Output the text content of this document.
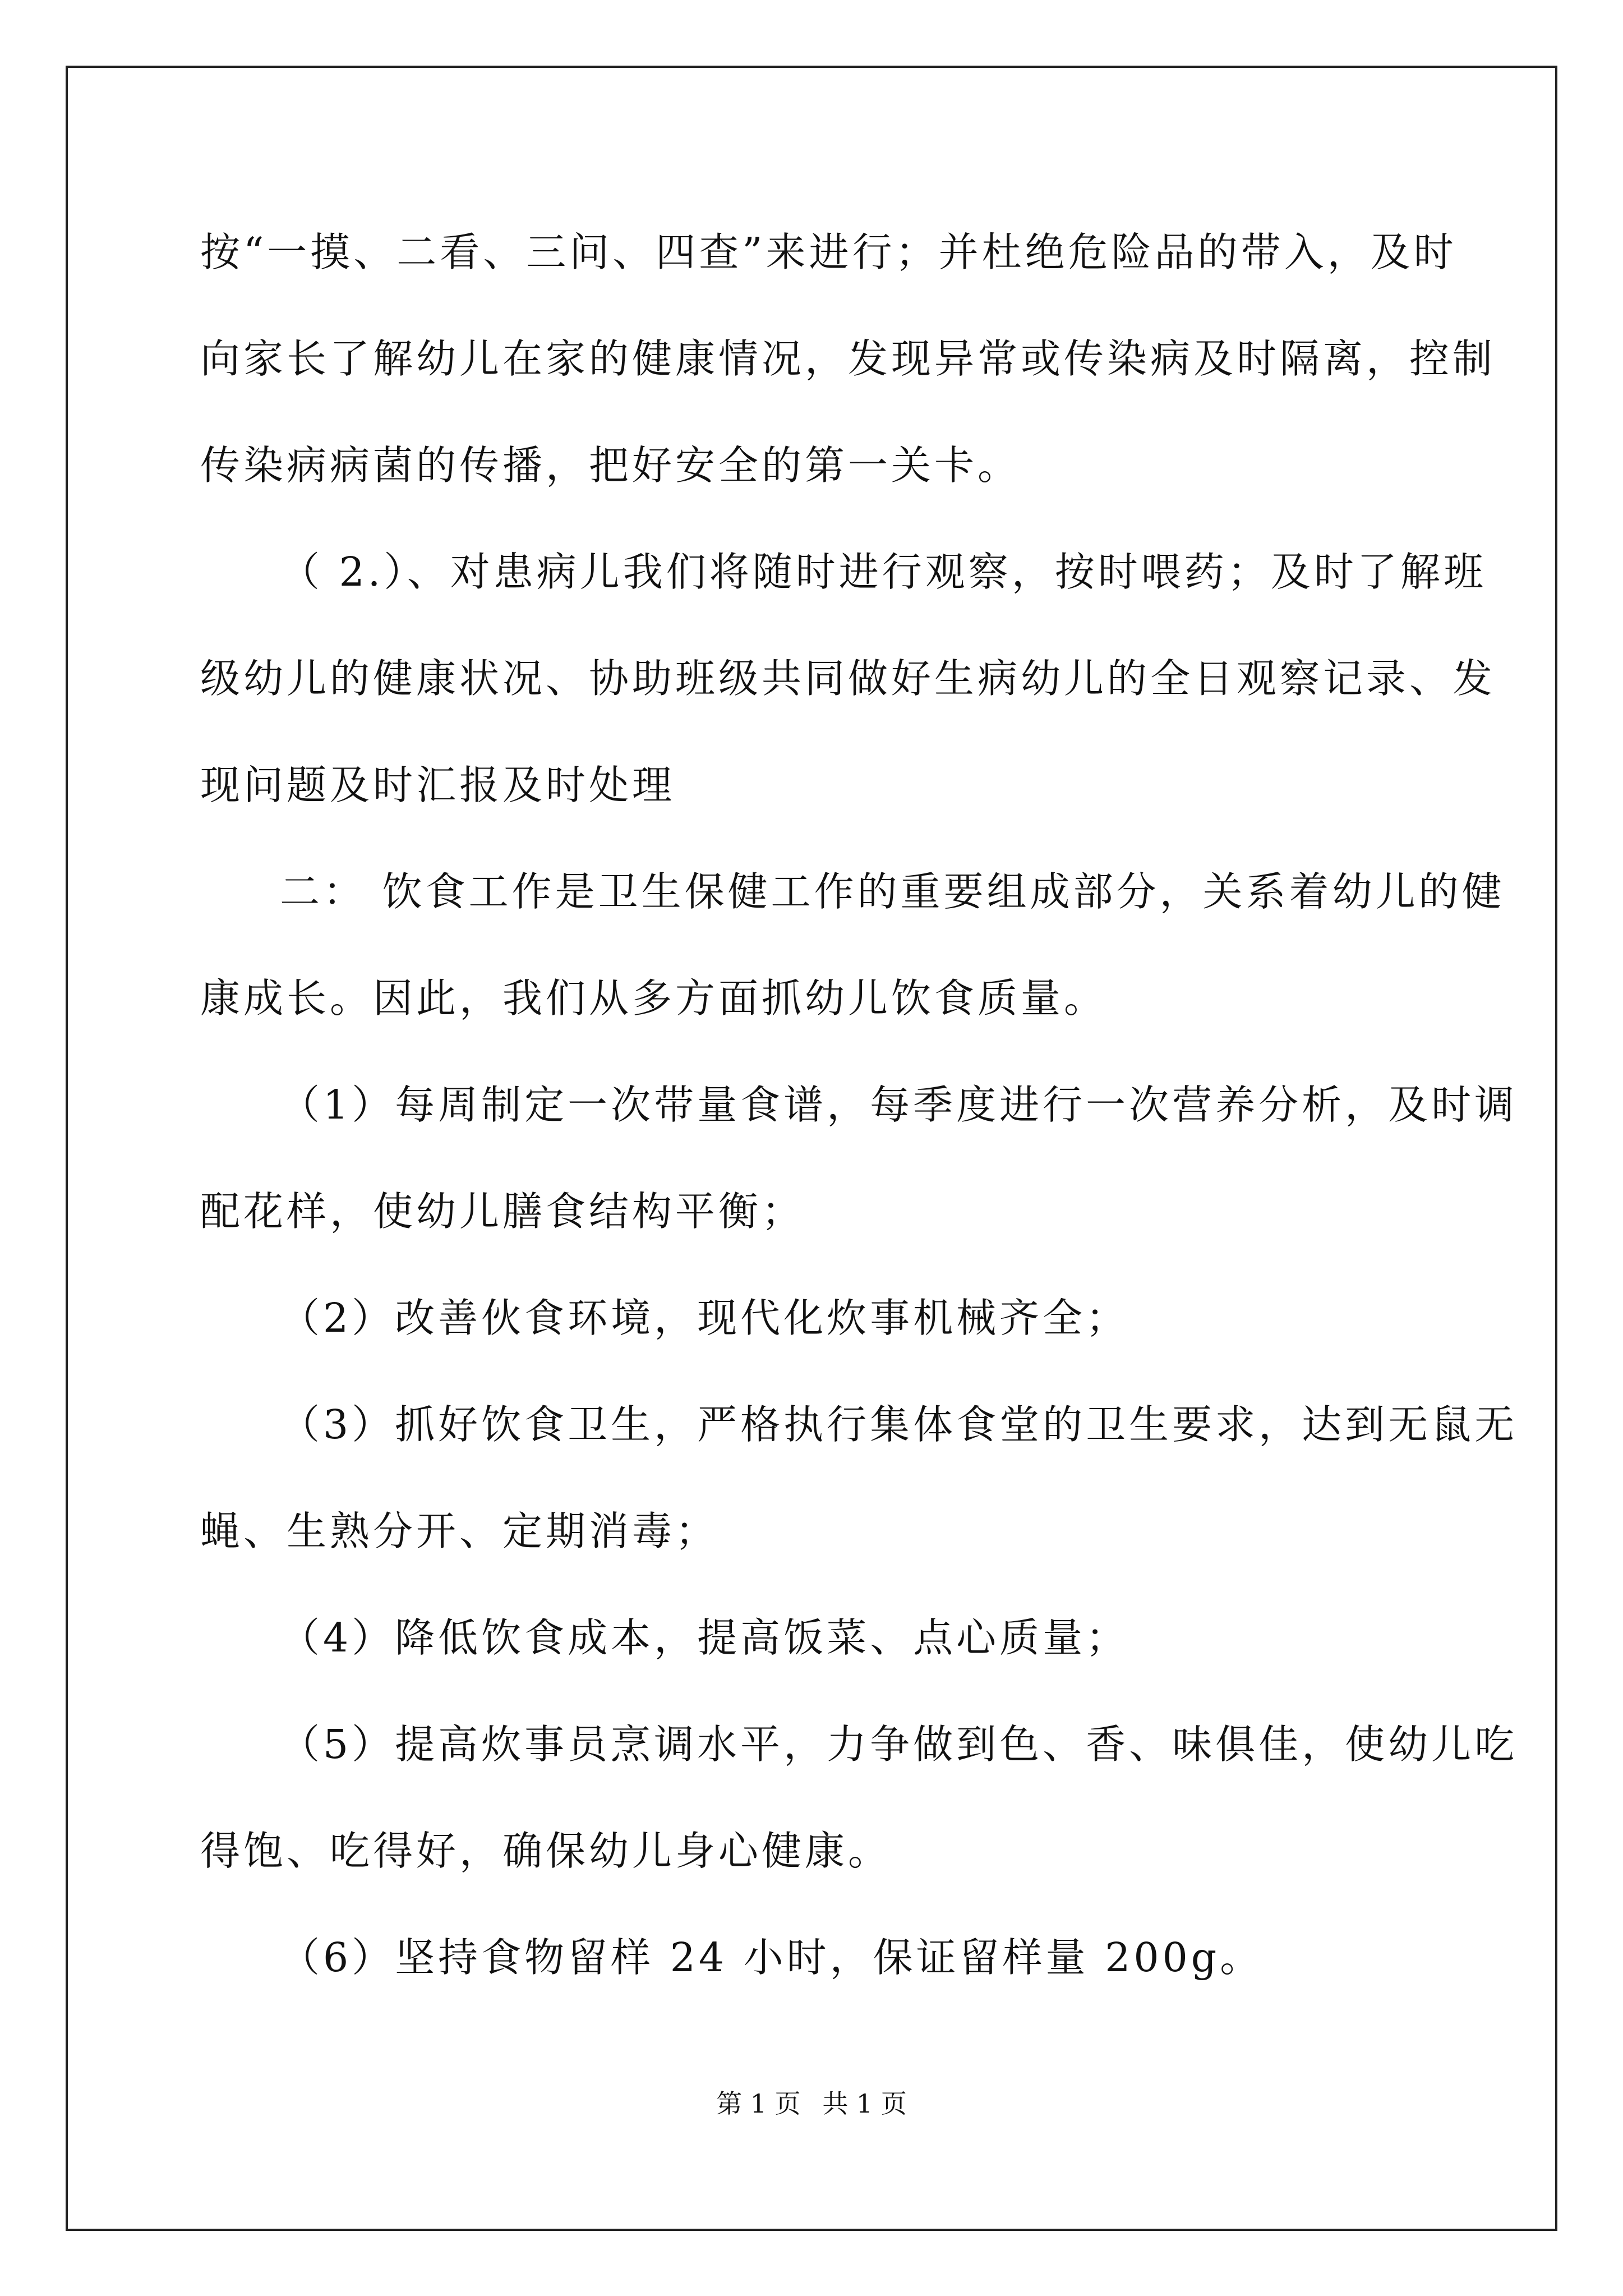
按“一摸、二看、三问、四查”来进行；并杜绝危险品的带入，及时
向家长了解幼儿在家的健康情况，发现异常或传染病及时隔离，控制
传染病病菌的传播，把好安全的第一关卡。
（ 2.）、对患病儿我们将随时进行观察，按时喂药；及时了解班
级幼儿的健康状况、协助班级共同做好生病幼儿的全日观察记录、发
现问题及时汇报及时处理
二： 饮食工作是卫生保健工作的重要组成部分，关系着幼儿的健
康成长。因此，我们从多方面抓幼儿饮食质量。
（1）每周制定一次带量食谱，每季度进行一次营养分析，及时调
配花样，使幼儿膳食结构平衡；
（2）改善伙食环境，现代化炊事机械齐全；
（3）抓好饮食卫生，严格执行集体食堂的卫生要求，达到无鼠无
蝇、生熟分开、定期消毒；
（4）降低饮食成本，提高饭菜、点心质量；
（5）提高炊事员烹调水平，力争做到色、香、味俱佳，使幼儿吃
得饱、吃得好，确保幼儿身心健康。
（6）坚持食物留样 24 小时，保证留样量 200g。
第 1 页 共 1 页
